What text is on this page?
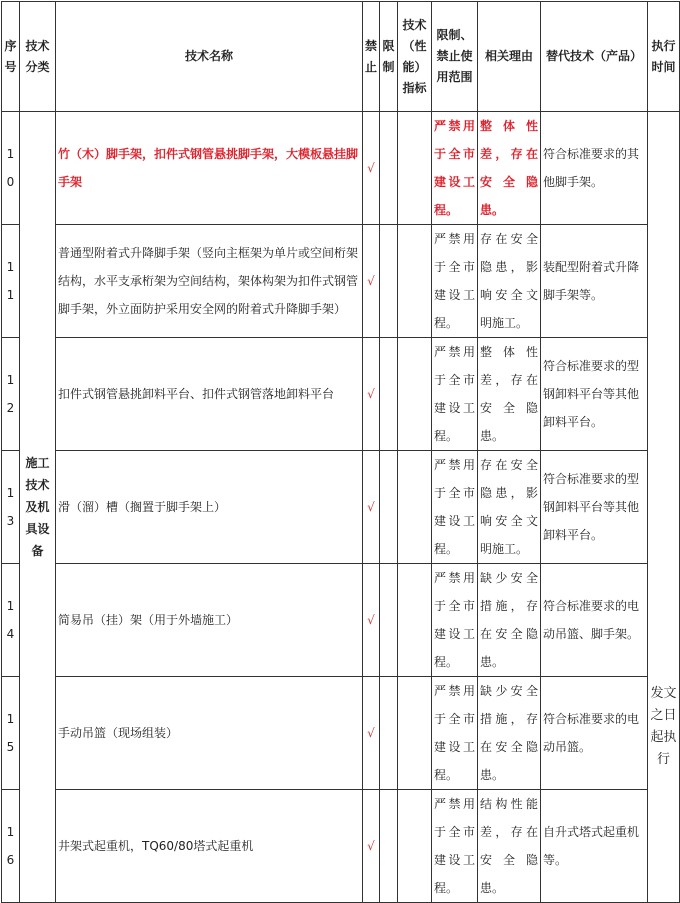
序号	技术分类	技术名称	禁止	限制	技术（性能）指标	限制、禁止使用范围	相关理由	替代技术（产品）	执行时间
10	施工技术及机具设备	竹（木）脚手架，扣件式钢管悬挑脚手架，大模板悬挂脚手架	√			严禁用于全市建设工程。	整体性差，存在安全隐患。	符合标准要求的其他脚手架。	发文之日起执行

11		普通型附着式升降脚手架（竖向主框架为单片或空间桁架结构，水平支承桁架为空间结构，架体构架为扣件式钢管脚手架，外立面防护采用安全网的附着式升降脚手架）	√			严禁用于全市建设工程。	存在安全隐患，影响安全文明施工。	装配型附着式升降脚手架等。	
12		扣件式钢管悬挑卸料平台、扣件式钢管落地卸料平台	√			严禁用于全市建设工程。	整体性差，存在安全隐患。	符合标准要求的型钢卸料平台等其他卸料平台。	
13		滑（溜）槽（搁置于脚手架上）	√			严禁用于全市建设工程。	存在安全隐患，影响安全文明施工。	符合标准要求的型钢卸料平台等其他卸料平台。	
14		简易吊（挂）架（用于外墙施工）	√			严禁用于全市建设工程。	缺少安全措施，存在安全隐患。	符合标准要求的电动吊篮、脚手架。	
15		手动吊篮（现场组装）	√			严禁用于全市建设工程。	缺少安全措施，存在安全隐患。	符合标准要求的电动吊篮。	
16		井架式起重机，TQ60/80塔式起重机	√			严禁用于全市建设工程。	结构性能差，存在安全隐患。	自升式塔式起重机等。	
